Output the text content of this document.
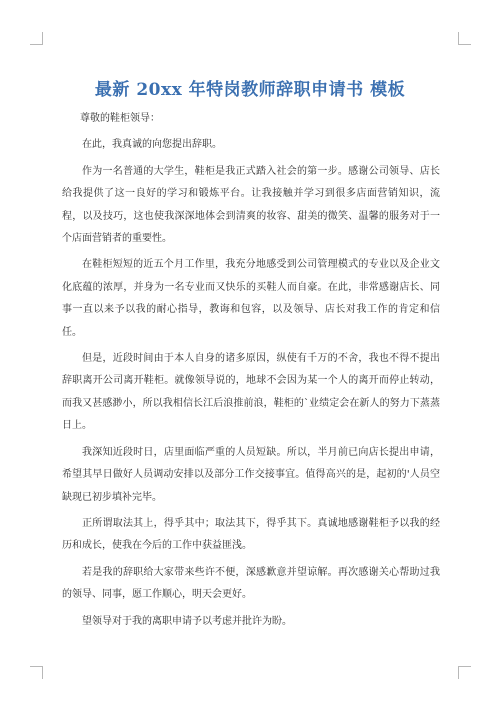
最新 20xx 年特岗教师辞职申请书 模板

尊敬的鞋柜领导：

在此，我真诚的向您提出辞职。

作为一名普通的大学生，鞋柜是我正式踏入社会的第一步。感谢公司领导、店长给我提供了这一良好的学习和锻炼平台。让我接触并学习到很多店面营销知识，流程，以及技巧，这也使我深深地体会到清爽的妆容、甜美的微笑、温馨的服务对于一个店面营销者的重要性。

在鞋柜短短的近五个月工作里，我充分地感受到公司管理模式的专业以及企业文化底蕴的浓厚，并身为一名专业而又快乐的买鞋人而自豪。在此，非常感谢店长、同事一直以来予以我的耐心指导，教诲和包容，以及领导、店长对我工作的肯定和信任。

但是，近段时间由于本人自身的诸多原因，纵使有千万的不舍，我也不得不提出辞职离开公司离开鞋柜。就像领导说的，地球不会因为某一个人的离开而停止转动，而我又甚感渺小，所以我相信长江后浪推前浪，鞋柜的`业绩定会在新人的努力下蒸蒸日上。

我深知近段时日，店里面临严重的人员短缺。所以，半月前已向店长提出申请，希望其早日做好人员调动安排以及部分工作交接事宜。值得高兴的是，起初的'人员空缺现已初步填补完毕。

正所谓取法其上，得乎其中；取法其下，得乎其下。真诚地感谢鞋柜予以我的经历和成长，使我在今后的工作中获益匪浅。

若是我的辞职给大家带来些许不便，深感歉意并望谅解。再次感谢关心帮助过我的领导、同事，愿工作顺心，明天会更好。

望领导对于我的离职申请予以考虑并批许为盼。
